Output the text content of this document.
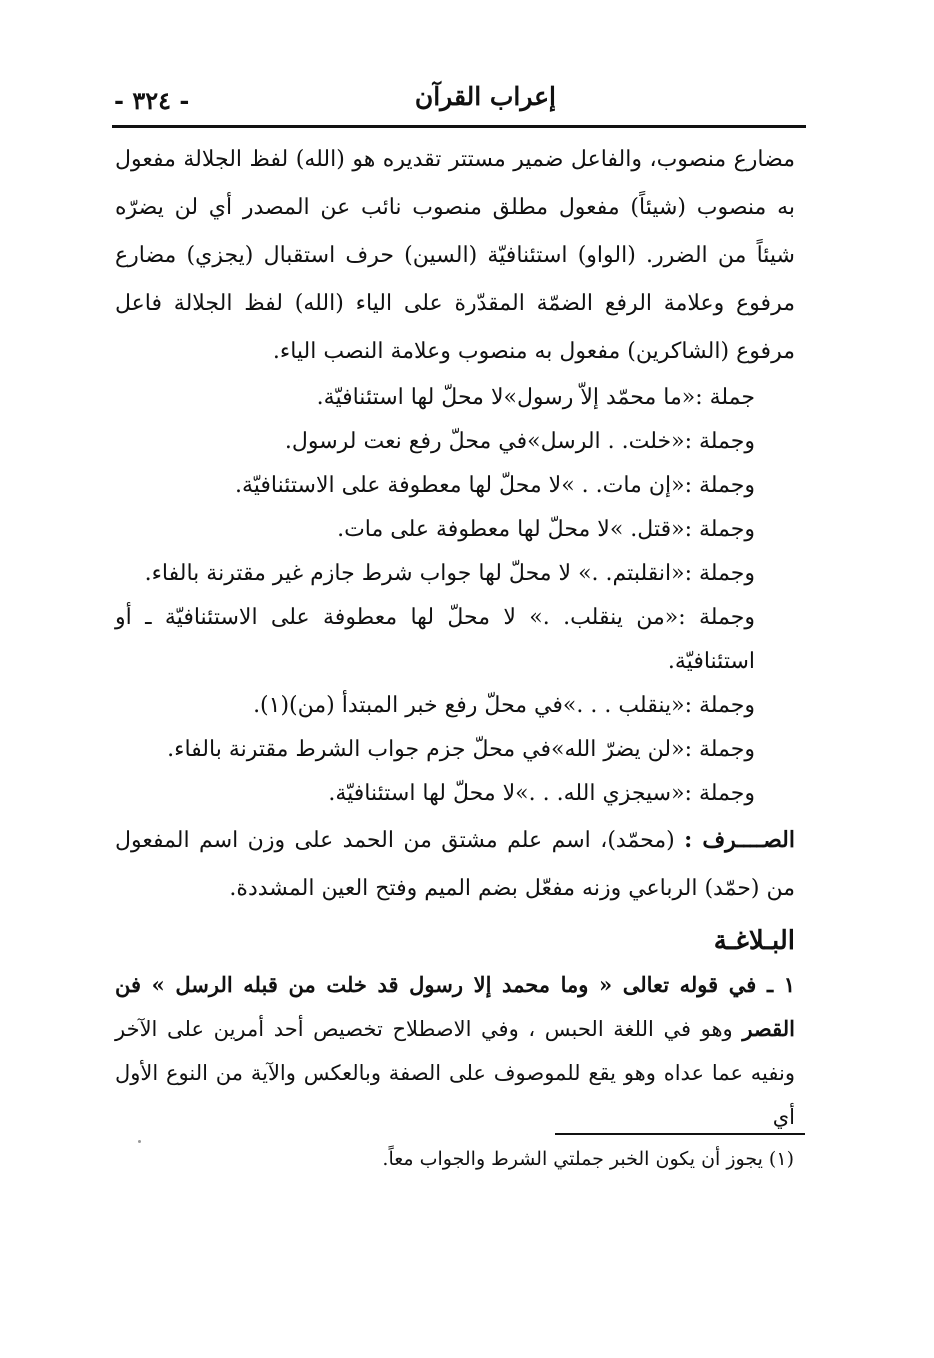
إعراب القرآن
- ٣٢٤ -

مضارع منصوب، والفاعل ضمير مستتر تقديره هو (الله) لفظ الجلالة مفعول به منصوب (شيئاً) مفعول مطلق منصوب نائب عن المصدر أي لن يضرّه شيئاً من الضرر. (الواو) استئنافيّة (السين) حرف استقبال (يجزي) مضارع مرفوع وعلامة الرفع الضمّة المقدّرة على الياء (الله) لفظ الجلالة فاعل مرفوع (الشاكرين) مفعول به منصوب وعلامة النصب الياء.

جملة :«ما محمّد إلاّ رسول»لا محلّ لها استئنافيّة.
وجملة :«خلت. . الرسل»في محلّ رفع نعت لرسول.
وجملة :«إن مات. . »لا محلّ لها معطوفة على الاستئنافيّة.
وجملة :«قتل. »لا محلّ لها معطوفة على مات.
وجملة :«انقلبتم. .» لا محلّ لها جواب شرط جازم غير مقترنة بالفاء.
وجملة :«من ينقلب. .» لا محلّ لها معطوفة على الاستئنافيّة ـ أو استئنافيّة.
وجملة :«ينقلب . . .»في محلّ رفع خبر المبتدأ (من)(١).
وجملة :«لن يضرّ الله»في محلّ جزم جواب الشرط مقترنة بالفاء.
وجملة :«سيجزي الله. . .»لا محلّ لها استئنافيّة.

الصــــرف : (محمّد)، اسم علم مشتق من الحمد على وزن اسم المفعول من (حمّد) الرباعي وزنه مفعّل بضم الميم وفتح العين المشددة.

البـلاغـة

١ ـ في قوله تعالى « وما محمد إلا رسول قد خلت من قبله الرسل » فن القصر وهو في اللغة الحبس ، وفي الاصطلاح تخصيص أحد أمرين على الآخر ونفيه عما عداه وهو يقع للموصوف على الصفة وبالعكس والآية من النوع الأول أي

(١) يجوز أن يكون الخبر جملتي الشرط والجواب معاً.
